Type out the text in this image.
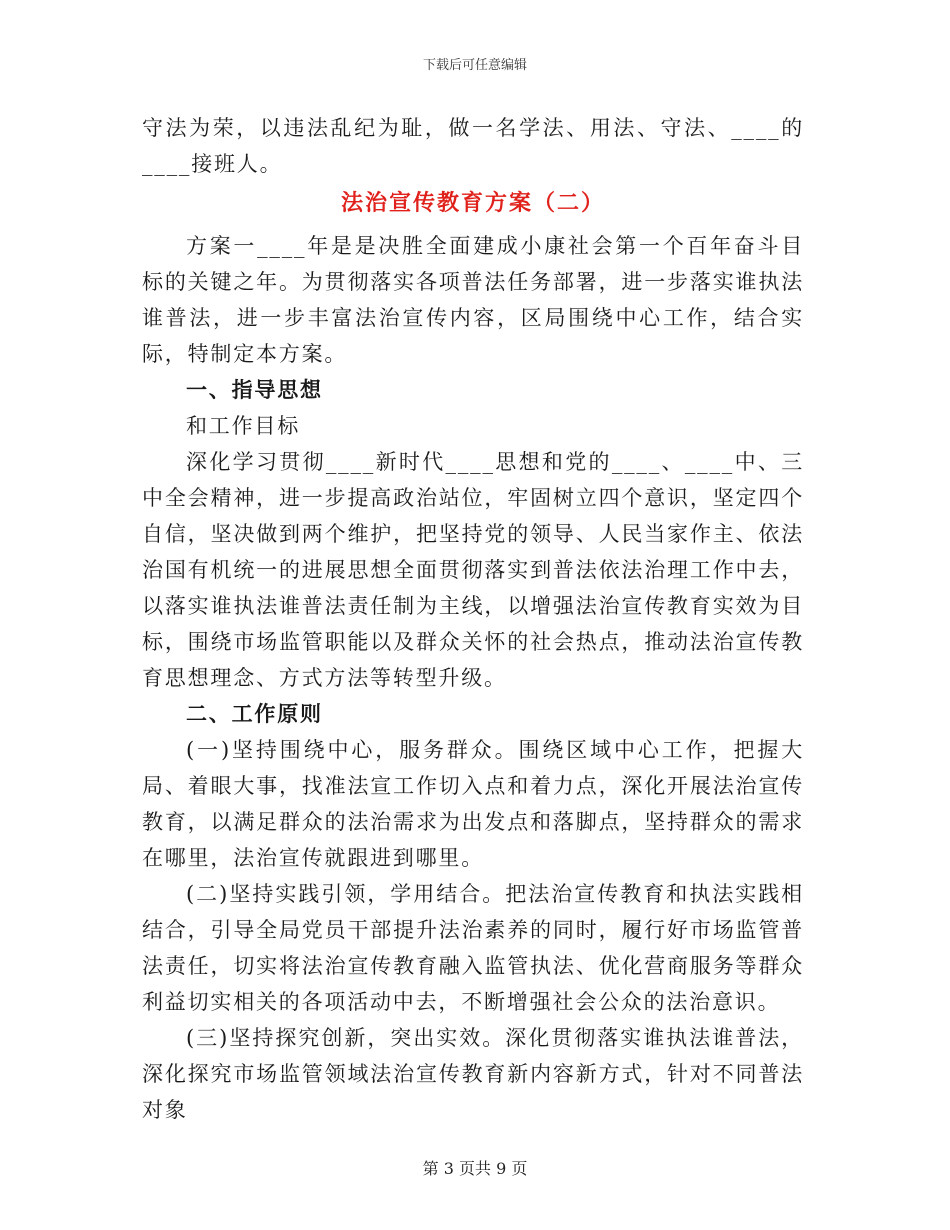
下载后可任意编辑

守法为荣，以违法乱纪为耻，做一名学法、用法、守法、____的____接班人。

法治宣传教育方案（二）

方案一____年是是决胜全面建成小康社会第一个百年奋斗目标的关键之年。为贯彻落实各项普法任务部署，进一步落实谁执法谁普法，进一步丰富法治宣传内容，区局围绕中心工作，结合实际，特制定本方案。

一、指导思想

和工作目标

深化学习贯彻____新时代____思想和党的____、____中、三中全会精神，进一步提高政治站位，牢固树立四个意识，坚定四个自信，坚决做到两个维护，把坚持党的领导、人民当家作主、依法治国有机统一的进展思想全面贯彻落实到普法依法治理工作中去，以落实谁执法谁普法责任制为主线，以增强法治宣传教育实效为目标，围绕市场监管职能以及群众关怀的社会热点，推动法治宣传教育思想理念、方式方法等转型升级。

二、工作原则

(一)坚持围绕中心，服务群众。围绕区域中心工作，把握大局、着眼大事，找准法宣工作切入点和着力点，深化开展法治宣传教育，以满足群众的法治需求为出发点和落脚点，坚持群众的需求在哪里，法治宣传就跟进到哪里。

(二)坚持实践引领，学用结合。把法治宣传教育和执法实践相结合，引导全局党员干部提升法治素养的同时，履行好市场监管普法责任，切实将法治宣传教育融入监管执法、优化营商服务等群众利益切实相关的各项活动中去，不断增强社会公众的法治意识。

(三)坚持探究创新，突出实效。深化贯彻落实谁执法谁普法，深化探究市场监管领域法治宣传教育新内容新方式，针对不同普法对象

第 3 页共 9 页
